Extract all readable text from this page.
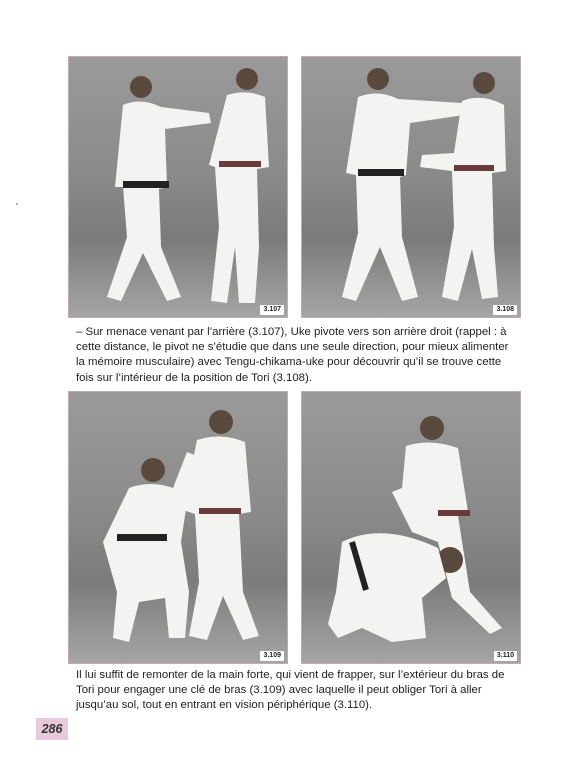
3.107	3.108
– Sur menace venant par l’arrière (3.107), Uke pivote vers son arrière droit (rappel : à cette distance, le pivot ne s’étudie que dans une seule direction, pour mieux alimenter la mémoire musculaire) avec Tengu-chikama-uke pour découvrir qu’il se trouve cette fois sur l’intérieur de la position de Tori (3.108).
3.109	3.110
Il lui suffit de remonter de la main forte, qui vient de frapper, sur l’extérieur du bras de Tori pour engager une clé de bras (3.109) avec laquelle il peut obliger Tori à aller jusqu’au sol, tout en entrant en vision périphérique (3.110).
286
